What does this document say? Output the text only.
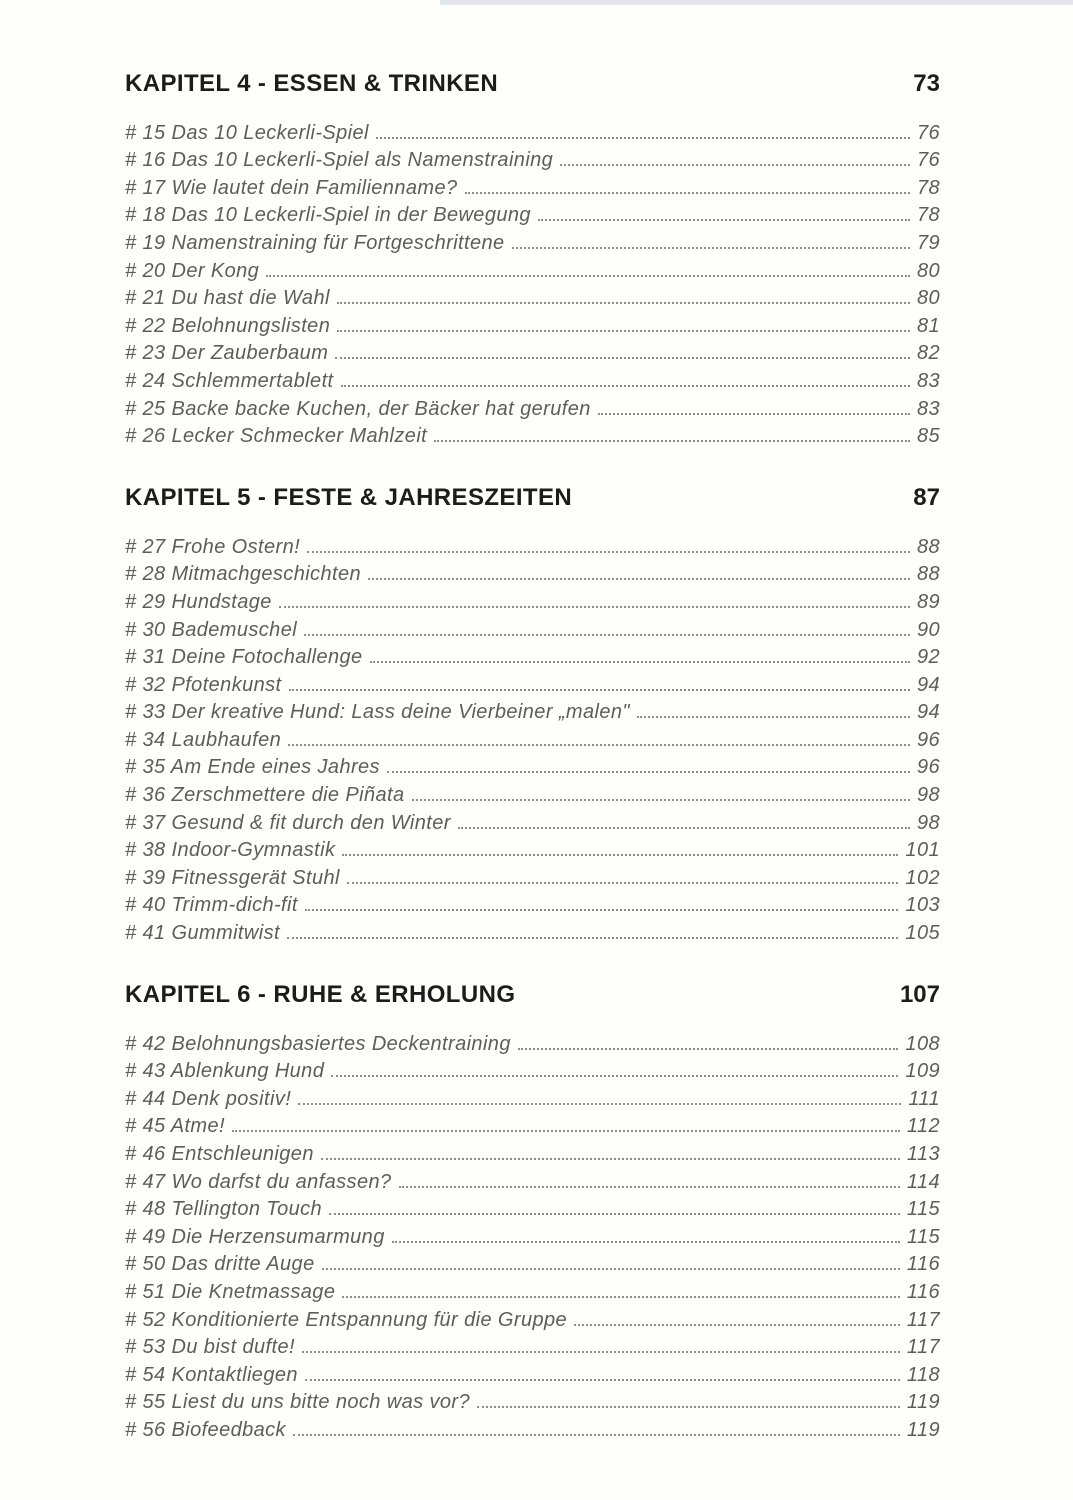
KAPITEL 4 - ESSEN & TRINKEN	73
# 15 Das 10 Leckerli-Spiel	76
# 16 Das 10 Leckerli-Spiel als Namenstraining	76
# 17 Wie lautet dein Familienname?	78
# 18 Das 10 Leckerli-Spiel in der Bewegung	78
# 19 Namenstraining für Fortgeschrittene	79
# 20 Der Kong	80
# 21 Du hast die Wahl	80
# 22 Belohnungslisten	81
# 23 Der Zauberbaum	82
# 24 Schlemmertablett	83
# 25 Backe backe Kuchen, der Bäcker hat gerufen	83
# 26 Lecker Schmecker Mahlzeit	85
KAPITEL 5 - FESTE & JAHRESZEITEN	87
# 27 Frohe Ostern!	88
# 28 Mitmachgeschichten	88
# 29 Hundstage	89
# 30 Bademuschel	90
# 31 Deine Fotochallenge	92
# 32 Pfotenkunst	94
# 33 Der kreative Hund: Lass deine Vierbeiner „malen"	94
# 34 Laubhaufen	96
# 35 Am Ende eines Jahres	96
# 36 Zerschmettere die Piñata	98
# 37 Gesund & fit durch den Winter	98
# 38 Indoor-Gymnastik	101
# 39 Fitnessgerät Stuhl	102
# 40 Trimm-dich-fit	103
# 41 Gummitwist	105
KAPITEL 6 - RUHE & ERHOLUNG	107
# 42 Belohnungsbasiertes Deckentraining	108
# 43 Ablenkung Hund	109
# 44 Denk positiv!	111
# 45 Atme!	112
# 46 Entschleunigen	113
# 47 Wo darfst du anfassen?	114
# 48 Tellington Touch	115
# 49 Die Herzensumarmung	115
# 50 Das dritte Auge	116
# 51 Die Knetmassage	116
# 52 Konditionierte Entspannung für die Gruppe	117
# 53 Du bist dufte!	117
# 54 Kontaktliegen	118
# 55 Liest du uns bitte noch was vor?	119
# 56 Biofeedback	119
